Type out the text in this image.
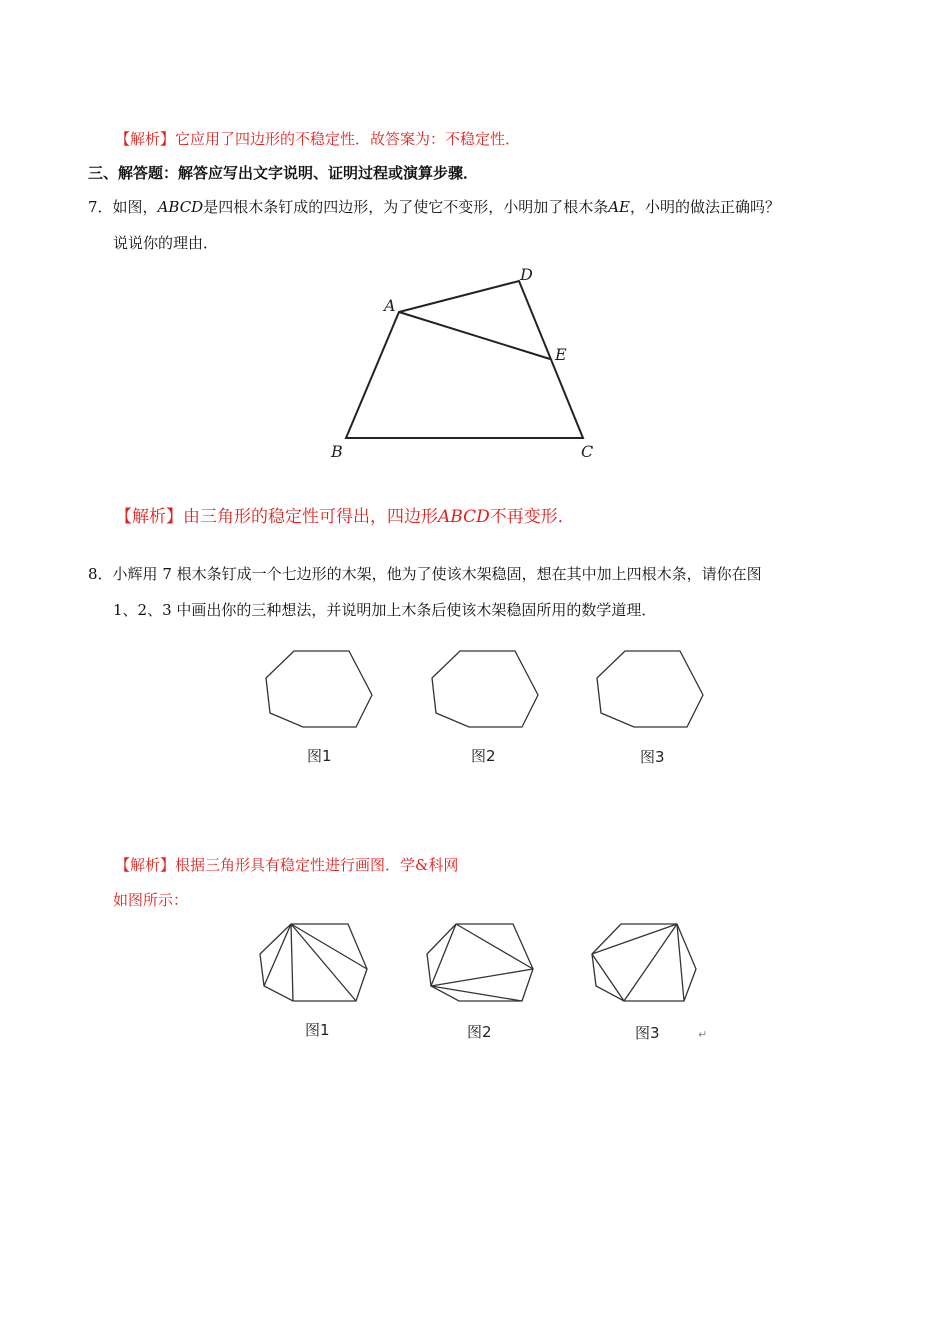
【解析】它应用了四边形的不稳定性．故答案为：不稳定性．
三、解答题：解答应写出文字说明、证明过程或演算步骤．
7．如图，ABCD是四根木条钉成的四边形，为了使它不变形，小明加了根木条AE，小明的做法正确吗？
说说你的理由．
A
D
E
B	C
【解析】由三角形的稳定性可得出，四边形ABCD不再变形．
8．小辉用 7 根木条钉成一个七边形的木架，他为了使该木架稳固，想在其中加上四根木条，请你在图
1、2、3 中画出你的三种想法，并说明加上木条后使该木架稳固所用的数学道理．
图1	图2	图3
【解析】根据三角形具有稳定性进行画图．学&科网
如图所示：
图1	图2	图3	↵
